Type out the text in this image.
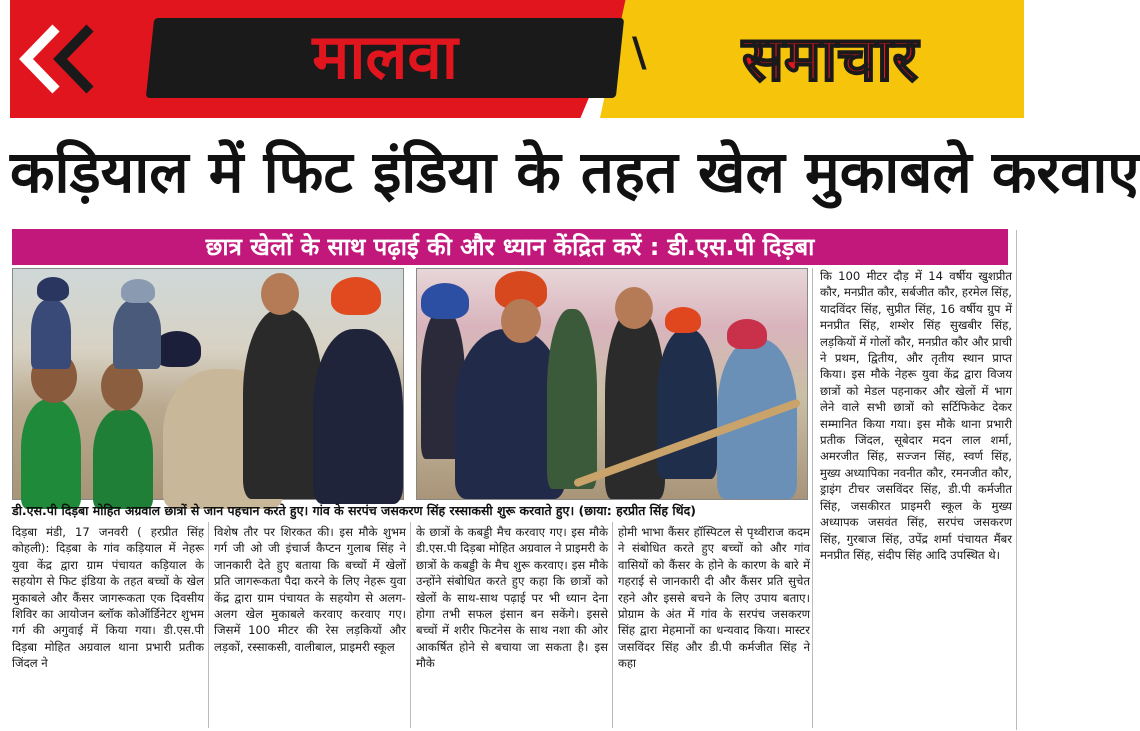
मालवा	\	समाचार
कड़ियाल में फिट इंडिया के तहत खेल मुकाबले करवाए
छात्र खेलों के साथ पढ़ाई की और ध्यान केंद्रित करें : डी.एस.पी दिड़बा
डी.एस.पी दिड़बा मोहित अग्रवाल छात्रों से जान पहचान करते हुए। गांव के सरपंच जसकरण सिंह रस्साकसी शुरू करवाते हुए। (छाया: हरप्रीत सिंह थिंद)
दिड़बा मंडी, 17 जनवरी ( हरप्रीत सिंह कोहली): दिड़बा के गांव कड़ियाल में नेहरू युवा केंद्र द्वारा ग्राम पंचायत कड़ियाल के सहयोग से फिट इंडिया के तहत बच्चों के खेल मुकाबले और कैंसर जागरूकता एक दिवसीय शिविर का आयोजन ब्लॉक कोऑर्डिनेटर शुभम गर्ग की अगुवाई में किया गया। डी.एस.पी दिड़बा मोहित अग्रवाल थाना प्रभारी प्रतीक जिंदल ने
विशेष तौर पर शिरकत की। इस मौके शुभम गर्ग जी ओ जी इंचार्ज कैप्टन गुलाब सिंह ने जानकारी देते हुए बताया कि बच्चों में खेलों प्रति जागरूकता पैदा करने के लिए नेहरू युवा केंद्र द्वारा ग्राम पंचायत के सहयोग से अलग-अलग खेल मुकाबले करवाए करवाए गए। जिसमें 100 मीटर की रेस लड़कियों और लड़कों, रस्साकसी, वालीबाल, प्राइमरी स्कूल
के छात्रों के कबड्डी मैच करवाए गए। इस मौके डी.एस.पी दिड़बा मोहित अग्रवाल ने प्राइमरी के छात्रों के कबड्डी के मैच शुरू करवाए। इस मौके उन्होंने संबोधित करते हुए कहा कि छात्रों को खेलों के साथ-साथ पढ़ाई पर भी ध्यान देना होगा तभी सफल इंसान बन सकेंगे। इससे बच्चों में शरीर फिटनेस के साथ नशा की ओर आकर्षित होने से बचाया जा सकता है। इस मौके
होमी भाभा कैंसर हॉस्पिटल से पृथ्वीराज कदम ने संबोधित करते हुए बच्चों को और गांव वासियों को कैंसर के होने के कारण के बारे में गहराई से जानकारी दी और कैंसर प्रति सुचेत रहने और इससे बचने के लिए उपाय बताए। प्रोग्राम के अंत में गांव के सरपंच जसकरण सिंह द्वारा मेहमानों का धन्यवाद किया। मास्टर जसविंदर सिंह और डी.पी कर्मजीत सिंह ने कहा
कि 100 मीटर दौड़ में 14 वर्षीय खुशप्रीत कौर, मनप्रीत कौर, सर्बजीत कौर, हरमेल सिंह, यादविंदर सिंह, सुप्रीत सिंह, 16 वर्षीय ग्रुप में मनप्रीत सिंह, शम्शेर सिंह सुखबीर सिंह, लड़कियों में गोलों कौर, मनप्रीत कौर और प्राची ने प्रथम, द्वितीय, और तृतीय स्थान प्राप्त किया। इस मौके नेहरू युवा केंद्र द्वारा विजय छात्रों को मेडल पहनाकर और खेलों में भाग लेने वाले सभी छात्रों को सर्टिफिकेट देकर सम्मानित किया गया। इस मौके थाना प्रभारी प्रतीक जिंदल, सूबेदार मदन लाल शर्मा, अमरजीत सिंह, सज्जन सिंह, स्वर्ण सिंह, मुख्य अध्यापिका नवनीत कौर, रमनजीत कौर, ड्राइंग टीचर जसविंदर सिंह, डी.पी कर्मजीत सिंह, जसकीरत प्राइमरी स्कूल के मुख्य अध्यापक जसवंत सिंह, सरपंच जसकरण सिंह, गुरबाज सिंह, उपेंद्र शर्मा पंचायत मैंबर मनप्रीत सिंह, संदीप सिंह आदि उपस्थित थे।
